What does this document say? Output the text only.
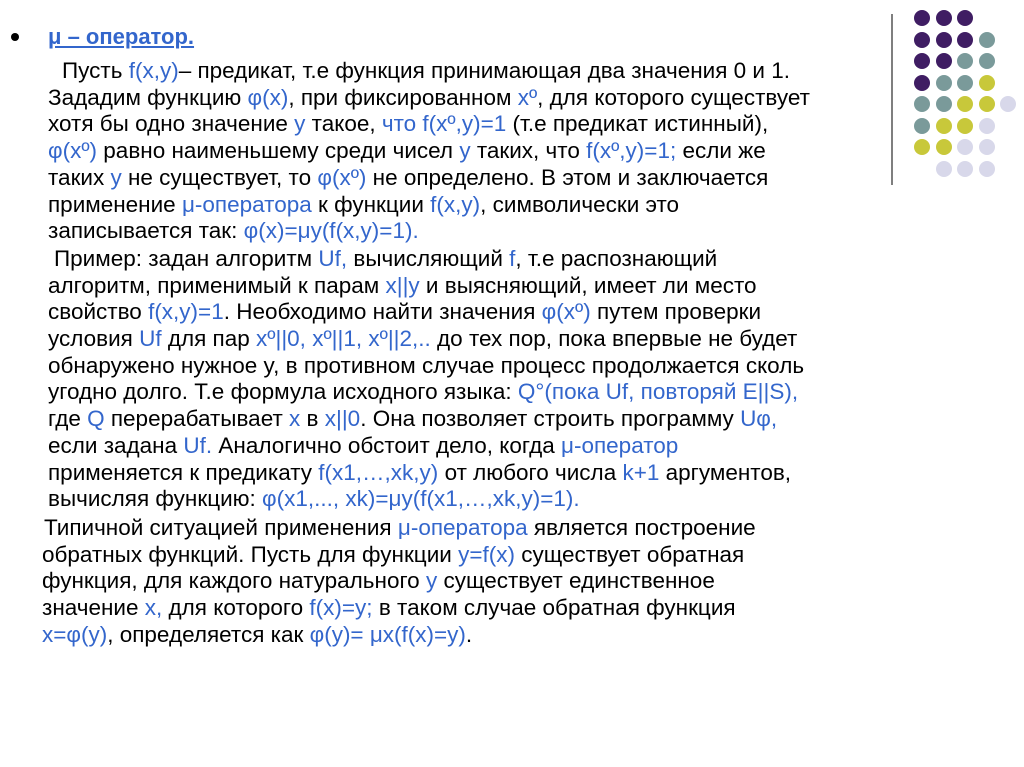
μ – оператор.
Пусть f(x,y)– предикат, т.е функция принимающая два значения 0 и 1.
Зададим функцию φ(x), при фиксированном xº, для которого существует
хотя бы одно значение y такое, что f(xº,y)=1 (т.е предикат истинный),
φ(xº) равно наименьшему среди чисел y таких, что f(xº,y)=1; если же
таких y не существует, то φ(xº) не определено. В этом и заключается
применение μ-оператора к функции f(x,y), символически это
записывается так: φ(x)=μy(f(x,y)=1).
Пример: задан алгоритм Uf, вычисляющий f, т.е распознающий
алгоритм, применимый к парам x||y и выясняющий, имеет ли место
свойство f(x,y)=1. Необходимо найти значения φ(xº) путем проверки
условия Uf для пар xº||0, xº||1, xº||2,.. до тех пор, пока впервые не будет
обнаружено нужное y, в противном случае процесс продолжается сколь
угодно долго. Т.е формула исходного языка: Q°(пока Uf, повторяй E||S),
где Q перерабатывает x в x||0. Она позволяет строить программу Uφ,
если задана Uf. Аналогично обстоит дело, когда μ-оператор
применяется к предикату f(x1,…,xk,y) от любого числа k+1 аргументов,
вычисляя функцию: φ(x1,..., xk)=μy(f(x1,…,xk,y)=1).
Типичной ситуацией применения μ-оператора является построение
обратных функций. Пусть для функции y=f(x) существует обратная
функция, для каждого натурального y существует единственное
значение x, для которого f(x)=y; в таком случае обратная функция
x=φ(y), определяется как φ(y)= μx(f(x)=y).
